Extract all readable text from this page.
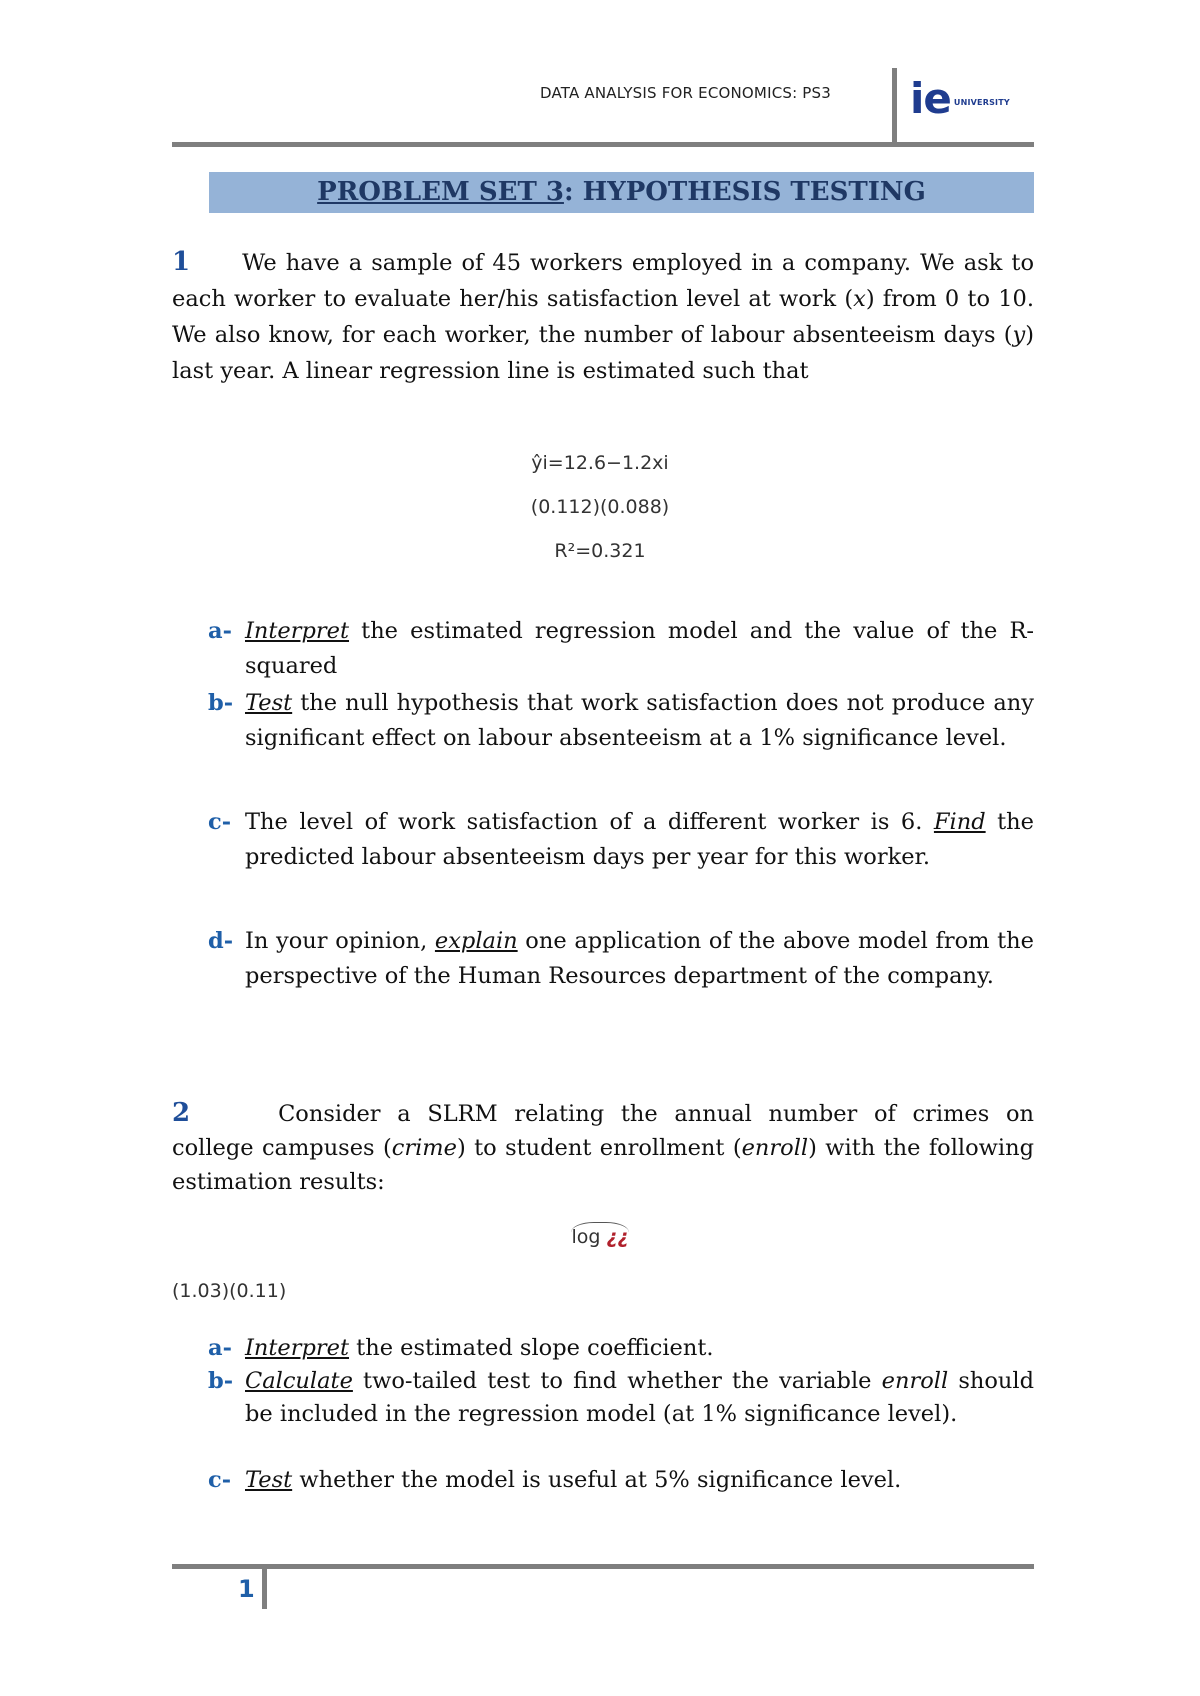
DATA ANALYSIS FOR ECONOMICS: PS3 ie UNIVERSITY
PROBLEM SET 3: HYPOTHESIS TESTING
1 We have a sample of 45 workers employed in a company. We ask to each worker to evaluate her/his satisfaction level at work (x) from 0 to 10. We also know, for each worker, the number of labour absenteeism days (y) last year. A linear regression line is estimated such that
ŷi=12.6−1.2xi
(0.112)(0.088)
R²=0.321
a- Interpret the estimated regression model and the value of the R-squared
b- Test the null hypothesis that work satisfaction does not produce any significant effect on labour absenteeism at a 1% significance level.
c- The level of work satisfaction of a different worker is 6. Find the predicted labour absenteeism days per year for this worker.
d- In your opinion, explain one application of the above model from the perspective of the Human Resources department of the company.
2	Consider a SLRM relating the annual number of crimes on college campuses (crime) to student enrollment (enroll) with the following estimation results:
log ¿¿
(1.03)(0.11)
a- Interpret the estimated slope coefficient.
b- Calculate two-tailed test to find whether the variable enroll should be included in the regression model (at 1% significance level).
c- Test whether the model is useful at 5% significance level.
1
